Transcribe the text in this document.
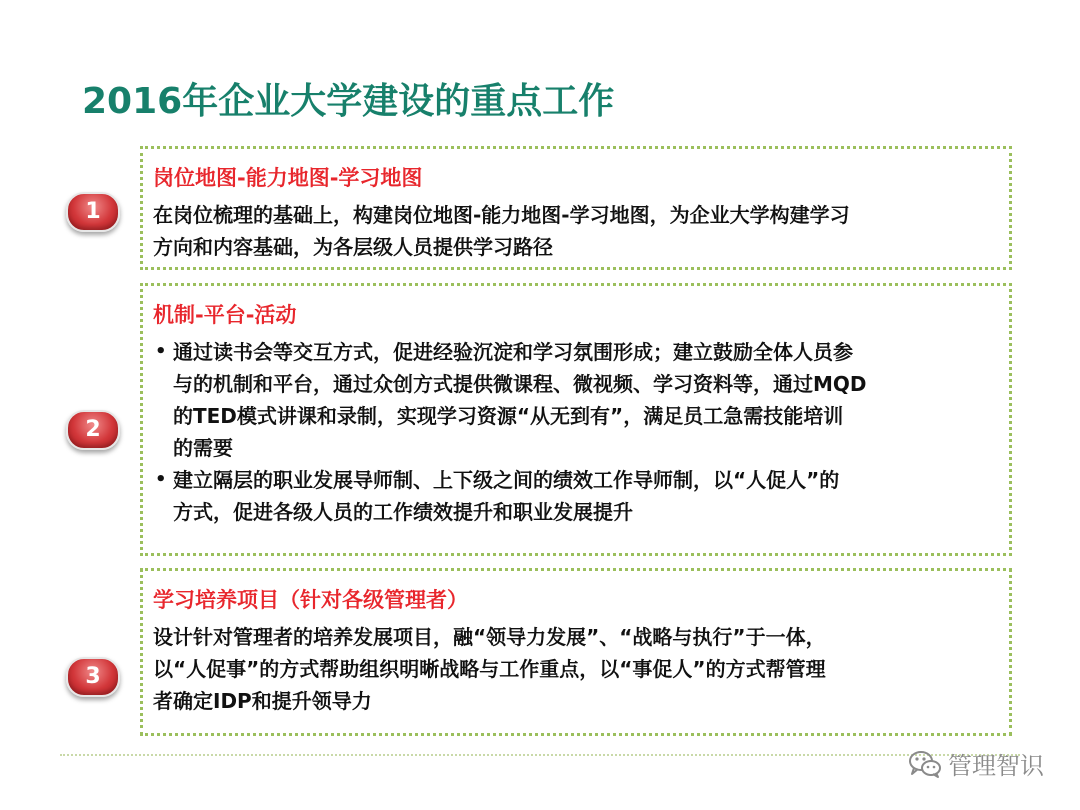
2016年企业大学建设的重点工作
1
岗位地图-能力地图-学习地图
在岗位梳理的基础上，构建岗位地图-能力地图-学习地图，为企业大学构建学习
方向和内容基础，为各层级人员提供学习路径
2
机制-平台-活动
• 通过读书会等交互方式，促进经验沉淀和学习氛围形成；建立鼓励全体人员参
与的机制和平台，通过众创方式提供微课程、微视频、学习资料等，通过MQD
的TED模式讲课和录制，实现学习资源“从无到有”，满足员工急需技能培训
的需要
• 建立隔层的职业发展导师制、上下级之间的绩效工作导师制，以“人促人”的
方式，促进各级人员的工作绩效提升和职业发展提升
3
学习培养项目（针对各级管理者）
设计针对管理者的培养发展项目，融“领导力发展”、“战略与执行”于一体，
以“人促事”的方式帮助组织明晰战略与工作重点，以“事促人”的方式帮管理
者确定IDP和提升领导力
管理智识
